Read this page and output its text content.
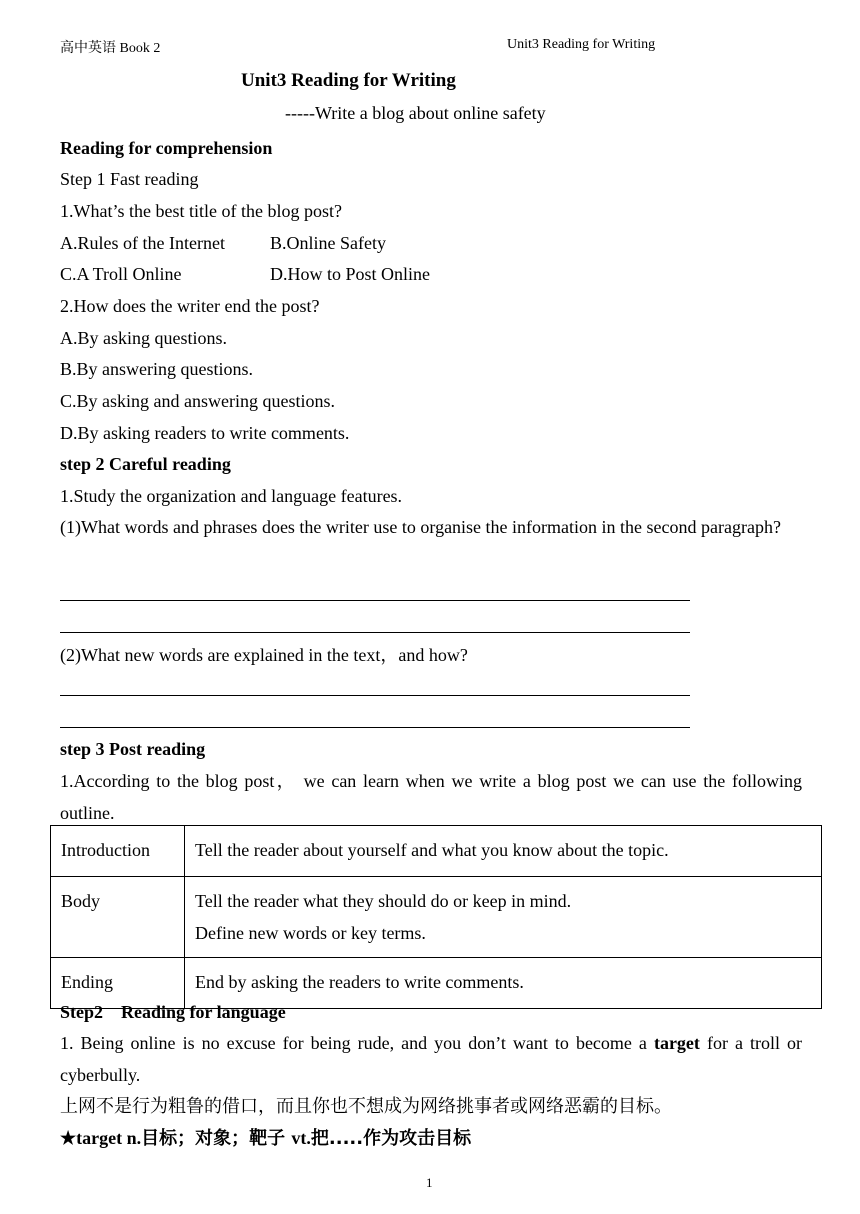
高中英语 Book 2	Unit3 Reading for Writing
Unit3 Reading for Writing
-----Write a blog about online safety
Reading for comprehension
Step 1 Fast reading
1.What’s the best title of the blog post?
A.Rules of the Internet	B.Online Safety
C.A Troll Online	D.How to Post Online
2.How does the writer end the post?
A.By asking questions.
B.By answering questions.
C.By asking and answering questions.
D.By asking readers to write comments.
step 2 Careful reading
1.Study the organization and language features.
(1)What words and phrases does the writer use to organise the information in the second paragraph?
(2)What new words are explained in the text，and how?
step 3 Post reading
1.According to the blog post， we can learn when we write a blog post we can use the following outline.
Introduction	Tell the reader about yourself and what you know about the topic.

Body	Tell the reader what they should do or keep in mind.
Define new words or key terms.

Ending	End by asking the readers to write comments.
Step2    Reading for language
1. Being online is no excuse for being rude, and you don’t want to become a target for a troll or cyberbully.
上网不是行为粗鲁的借口，而且你也不想成为网络挑事者或网络恶霸的目标。
★target n.目标；对象；靶子 vt.把.....作为攻击目标
1
